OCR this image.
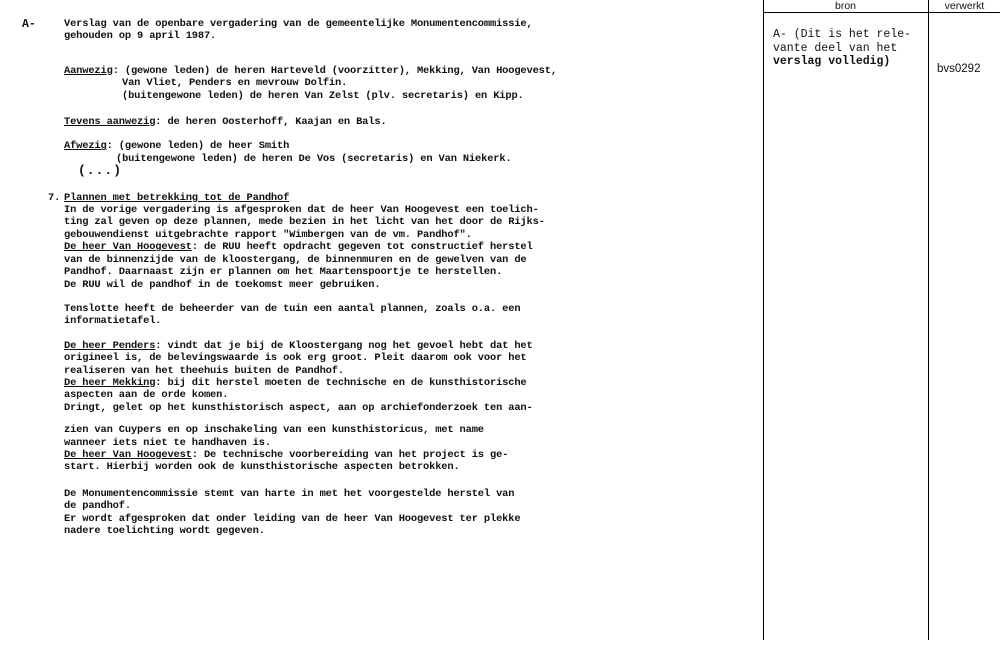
A-	Verslag van de openbare vergadering van de gemeentelijke Monumentencommissie,
gehouden op 9 april 1987.
Aanwezig: (gewone leden) de heren Harteveld (voorzitter), Mekking, Van Hoogevest,
Van Vliet, Penders en mevrouw Dolfin.
(buitengewone leden) de heren Van Zelst (plv. secretaris) en Kipp.
Tevens aanwezig: de heren Oosterhoff, Kaajan en Bals.
Afwezig: (gewone leden) de heer Smith
(buitengewone leden) de heren De Vos (secretaris) en Van Niekerk.
(...)
7. Plannen met betrekking tot de Pandhof
In de vorige vergadering is afgesproken dat de heer Van Hoogevest een toelich-
ting zal geven op deze plannen, mede bezien in het licht van het door de Rijks-
gebouwendienst uitgebrachte rapport "Wimbergen van de vm. Pandhof".
De heer Van Hoogevest: de RUU heeft opdracht gegeven tot constructief herstel
van de binnenzijde van de kloostergang, de binnenmuren en de gewelven van de
Pandhof. Daarnaast zijn er plannen om het Maartenspoortje te herstellen.
De RUU wil de pandhof in de toekomst meer gebruiken.
Tenslotte heeft de beheerder van de tuin een aantal plannen, zoals o.a. een
informatietafel.
De heer Penders: vindt dat je bij de Kloostergang nog het gevoel hebt dat het
origineel is, de belevingswaarde is ook erg groot. Pleit daarom ook voor het
realiseren van het theehuis buiten de Pandhof.
De heer Mekking: bij dit herstel moeten de technische en de kunsthistorische
aspecten aan de orde komen.
Dringt, gelet op het kunsthistorisch aspect, aan op archiefonderzoek ten aan-
zien van Cuypers en op inschakeling van een kunsthistoricus, met name
wanneer iets niet te handhaven is.
De heer Van Hoogevest: De technische voorbereiding van het project is ge-
start. Hierbij worden ook de kunsthistorische aspecten betrokken.
De Monumentencommissie stemt van harte in met het voorgestelde herstel van
de pandhof.
Er wordt afgesproken dat onder leiding van de heer Van Hoogevest ter plekke
nadere toelichting wordt gegeven.
bron	verwerkt
A- (Dit is het rele-
vante deel van het
verslag volledig)
bvs0292
